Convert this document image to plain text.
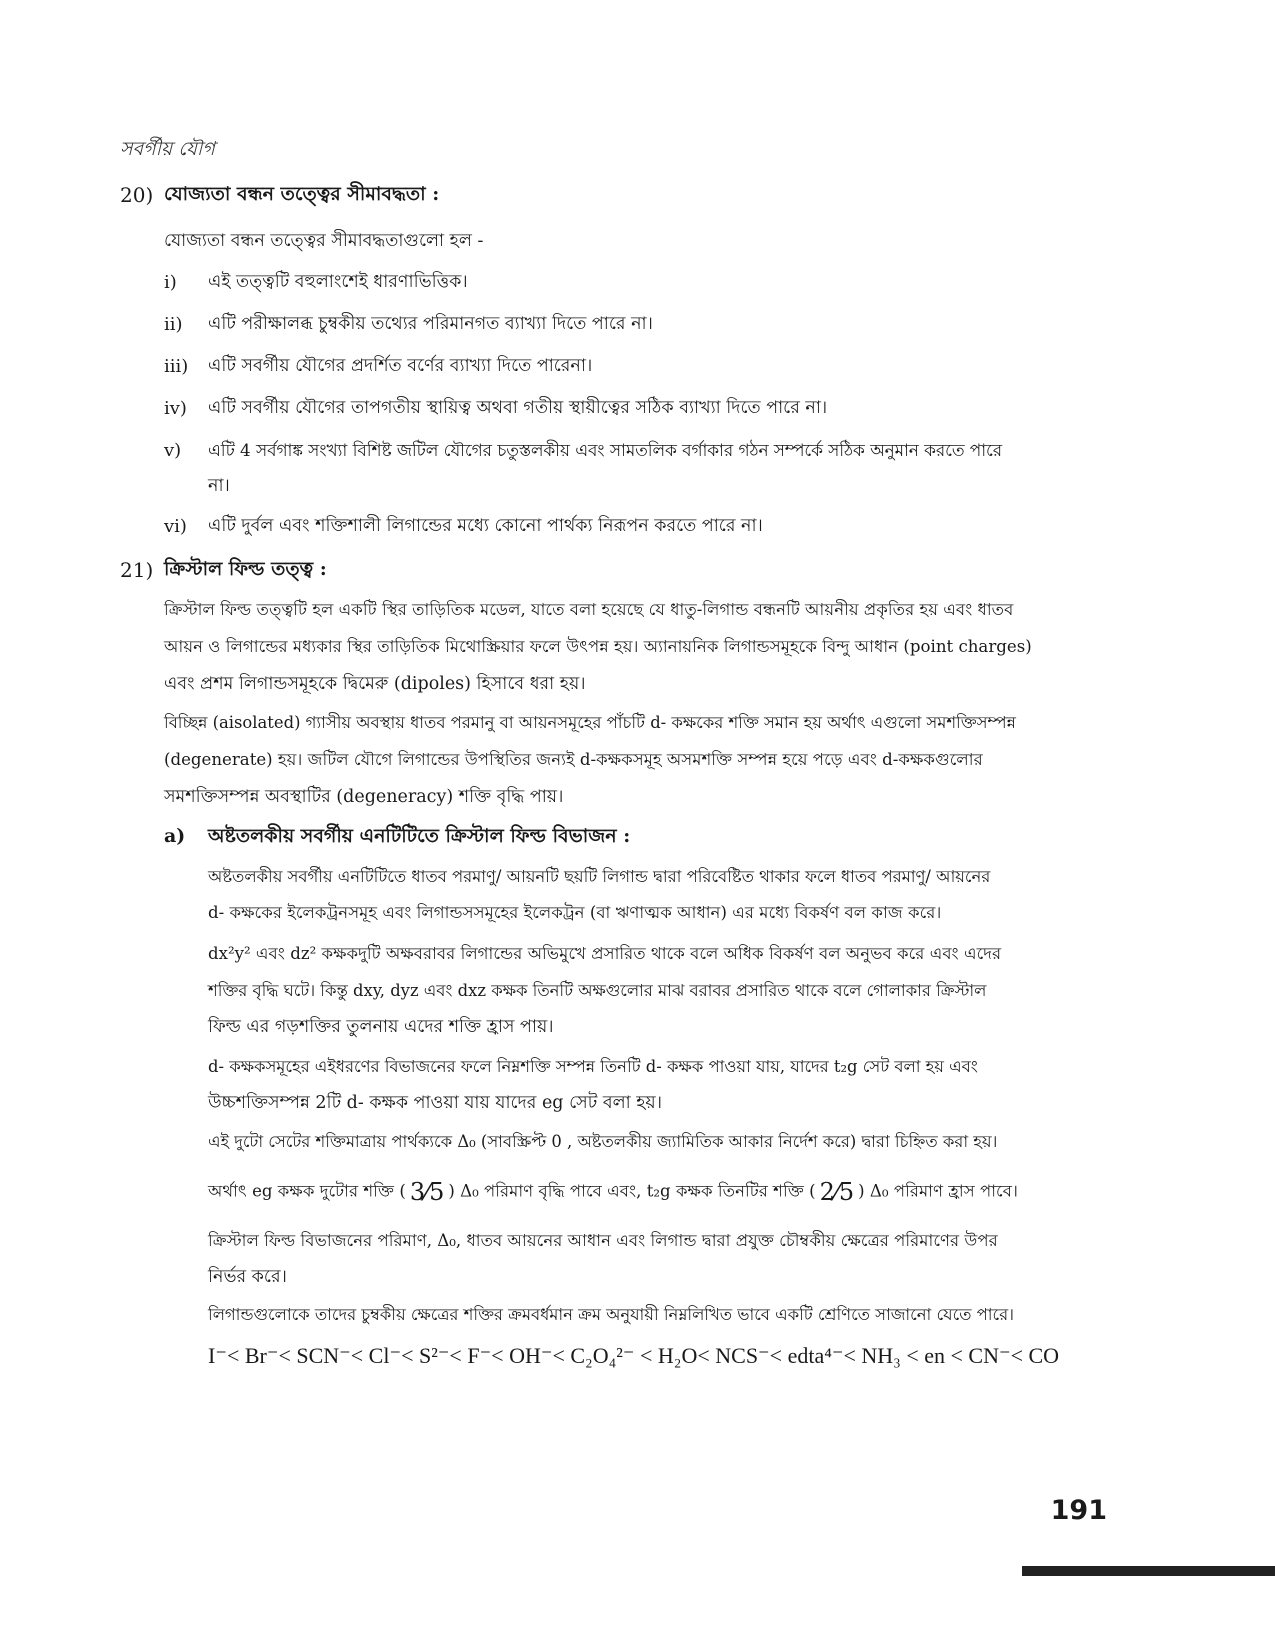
সবর্গীয় যৌগ
20) যোজ্যতা বন্ধন তত্ত্বের সীমাবদ্ধতা :
যোজ্যতা বন্ধন তত্ত্বের সীমাবদ্ধতাগুলো হল -
i) এই তত্ত্বটি বহুলাংশেই ধারণাভিত্তিক।
ii) এটি পরীক্ষালব্ধ চুম্বকীয় তথ্যের পরিমানগত ব্যাখ্যা দিতে পারে না।
iii) এটি সবর্গীয় যৌগের প্রদর্শিত বর্ণের ব্যাখ্যা দিতে পারেনা।
iv) এটি সবর্গীয় যৌগের তাপগতীয় স্থায়িত্ব অথবা গতীয় স্থায়ীত্বের সঠিক ব্যাখ্যা দিতে পারে না।
v) এটি 4 সর্বগাঙ্ক সংখ্যা বিশিষ্ট জটিল যৌগের চতুস্তলকীয় এবং সামতলিক বর্গাকার গঠন সম্পর্কে সঠিক অনুমান করতে পারে
না।
vi) এটি দুর্বল এবং শক্তিশালী লিগান্ডের মধ্যে কোনো পার্থক্য নিরূপন করতে পারে না।
21) ক্রিস্টাল ফিল্ড তত্ত্ব :
ক্রিস্টাল ফিল্ড তত্ত্বটি হল একটি স্থির তাড়িতিক মডেল, যাতে বলা হয়েছে যে ধাতু-লিগান্ড বন্ধনটি আয়নীয় প্রকৃতির হয় এবং ধাতব
আয়ন ও লিগান্ডের মধ্যকার স্থির তাড়িতিক মিথোস্ক্রিয়ার ফলে উৎপন্ন হয়। অ্যানায়নিক লিগান্ডসমূহকে বিন্দু আধান (point charges)
এবং প্রশম লিগান্ডসমূহকে দ্বিমেরু (dipoles) হিসাবে ধরা হয়।
বিচ্ছিন্ন (aisolated) গ্যাসীয় অবস্থায় ধাতব পরমানু বা আয়নসমূহের পাঁচটি d- কক্ষকের শক্তি সমান হয় অর্থাৎ এগুলো সমশক্তিসম্পন্ন
(degenerate) হয়। জটিল যৌগে লিগান্ডের উপস্থিতির জন্যই d-কক্ষকসমূহ অসমশক্তি সম্পন্ন হয়ে পড়ে এবং d-কক্ষকগুলোর
সমশক্তিসম্পন্ন অবস্থাটির (degeneracy) শক্তি বৃদ্ধি পায়।
a) অষ্টতলকীয় সবর্গীয় এনটিটিতে ক্রিস্টাল ফিল্ড বিভাজন :
অষ্টতলকীয় সবর্গীয় এনটিটিতে ধাতব পরমাণু/ আয়নটি ছয়টি লিগান্ড দ্বারা পরিবেষ্টিত থাকার ফলে ধাতব পরমাণু/ আয়নের
d- কক্ষকের ইলেকট্রনসমূহ এবং লিগান্ডসসমূহের ইলেকট্রন (বা ঋণাত্মক আধান) এর মধ্যে বিকর্ষণ বল কাজ করে।
dx²y² এবং dz² কক্ষকদুটি অক্ষবরাবর লিগান্ডের অভিমুখে প্রসারিত থাকে বলে অধিক বিকর্ষণ বল অনুভব করে এবং এদের
শক্তির বৃদ্ধি ঘটে। কিন্তু dxy, dyz এবং dxz কক্ষক তিনটি অক্ষগুলোর মাঝ বরাবর প্রসারিত থাকে বলে গোলাকার ক্রিস্টাল
ফিল্ড এর গড়শক্তির তুলনায় এদের শক্তি হ্রাস পায়।
d- কক্ষকসমূহের এইধরণের বিভাজনের ফলে নিম্নশক্তি সম্পন্ন তিনটি d- কক্ষক পাওয়া যায়, যাদের t₂g সেট বলা হয় এবং
উচ্চশক্তিসম্পন্ন 2টি d- কক্ষক পাওয়া যায় যাদের eg সেট বলা হয়।
এই দুটো সেটের শক্তিমাত্রায় পার্থক্যকে Δ₀ (সাবস্ক্রিপ্ট 0 , অষ্টতলকীয় জ্যামিতিক আকার নির্দেশ করে) দ্বারা চিহ্নিত করা হয়।
অর্থাৎ eg কক্ষক দুটোর শক্তি ( 3⁄5 ) Δ₀ পরিমাণ বৃদ্ধি পাবে এবং, t₂g কক্ষক তিনটির শক্তি ( 2⁄5 ) Δ₀ পরিমাণ হ্রাস পাবে।
ক্রিস্টাল ফিল্ড বিভাজনের পরিমাণ, Δ₀, ধাতব আয়নের আধান এবং লিগান্ড দ্বারা প্রযুক্ত চৌম্বকীয় ক্ষেত্রের পরিমাণের উপর
নির্ভর করে।
লিগান্ডগুলোকে তাদের চুম্বকীয় ক্ষেত্রের শক্তির ক্রমবর্ধমান ক্রম অনুযায়ী নিম্নলিখিত ভাবে একটি শ্রেণিতে সাজানো যেতে পারে।
I⁻< Br⁻< SCN⁻< Cl⁻< S²⁻< F⁻< OH⁻< C₂O₄²⁻ < H₂O< NCS⁻< edta⁴⁻< NH₃ < en < CN⁻< CO
191
